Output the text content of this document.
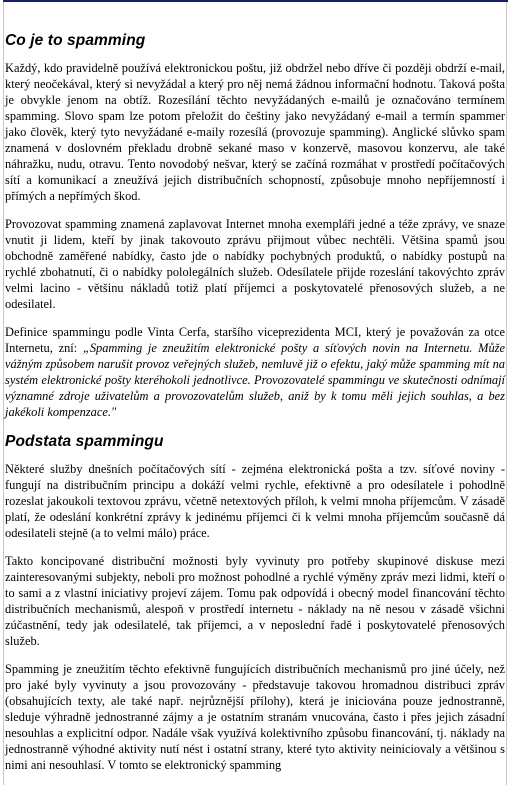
Co je to spamming

Každý, kdo pravidelně používá elektronickou poštu, již obdržel nebo dříve či později obdrží e-mail, který neočekával, který si nevyžádal a který pro něj nemá žádnou informační hodnotu. Taková pošta je obvykle jenom na obtíž. Rozesílání těchto nevyžádaných e-mailů je označováno termínem spamming. Slovo spam lze potom přeložit do češtiny jako nevyžádaný e-mail a termín spammer jako člověk, který tyto nevyžádané e-maily rozesílá (provozuje spamming). Anglické slůvko spam znamená v doslovném překladu drobně sekané maso v konzervě, masovou konzervu, ale také náhražku, nudu, otravu. Tento novodobý nešvar, který se začíná rozmáhat v prostředí počítačových sítí a komunikací a zneužívá jejich distribučních schopností, způsobuje mnoho nepříjemností i přímých a nepřímých škod.

Provozovat spamming znamená zaplavovat Internet mnoha exempláři jedné a téže zprávy, ve snaze vnutit ji lidem, kteří by jinak takovouto zprávu přijmout vůbec nechtěli. Většina spamů jsou obchodně zaměřené nabídky, často jde o nabídky pochybných produktů, o nabídky postupů na rychlé zbohatnutí, či o nabídky pololegálních služeb. Odesílatele přijde rozeslání takovýchto zpráv velmi lacino - většinu nákladů totiž platí příjemci a poskytovatelé přenosových služeb, a ne odesilatel.

Definice spammingu podle Vinta Cerfa, staršího viceprezidenta MCI, který je považován za otce Internetu, zní: „Spamming je zneužitím elektronické pošty a síťových novin na Internetu. Může vážným způsobem narušit provoz veřejných služeb, nemluvě již o efektu, jaký může spamming mít na systém elektronické pošty kteréhokoli jednotlivce. Provozovatelé spammingu ve skutečnosti odnímají významné zdroje uživatelům a provozovatelům služeb, aniž by k tomu měli jejich souhlas, a bez jakékoli kompenzace."

Podstata spammingu

Některé služby dnešních počítačových sítí - zejména elektronická pošta a tzv. síťové noviny - fungují na distribučním principu a dokáží velmi rychle, efektivně a pro odesílatele i pohodlně rozeslat jakoukoli textovou zprávu, včetně netextových příloh, k velmi mnoha příjemcům. V zásadě platí, že odeslání konkrétní zprávy k jedinému příjemci či k velmi mnoha příjemcům současně dá odesilateli stejně (a to velmi málo) práce.

Takto koncipované distribuční možnosti byly vyvinuty pro potřeby skupinové diskuse mezi zainteresovanými subjekty, neboli pro možnost pohodlné a rychlé výměny zpráv mezi lidmi, kteří o to sami a z vlastní iniciativy projeví zájem. Tomu pak odpovídá i obecný model financování těchto distribučních mechanismů, alespoň v prostředí internetu - náklady na ně nesou v zásadě všichni zúčastnění, tedy jak odesilatelé, tak příjemci, a v neposlední řadě i poskytovatelé přenosových služeb.

Spamming je zneužitím těchto efektivně fungujících distribučních mechanismů pro jiné účely, než pro jaké byly vyvinuty a jsou provozovány - představuje takovou hromadnou distribuci zpráv (obsahujících texty, ale také např. nejrůznější přílohy), která je iniciována pouze jednostranně, sleduje výhradně jednostranné zájmy a je ostatním stranám vnucována, často i přes jejich zásadní nesouhlas a explicitní odpor. Nadále však využívá kolektivního způsobu financování, tj. náklady na jednostranně výhodné aktivity nutí nést i ostatní strany, které tyto aktivity neiniciovaly a většinou s nimi ani nesouhlasí. V tomto se elektronický spamming
